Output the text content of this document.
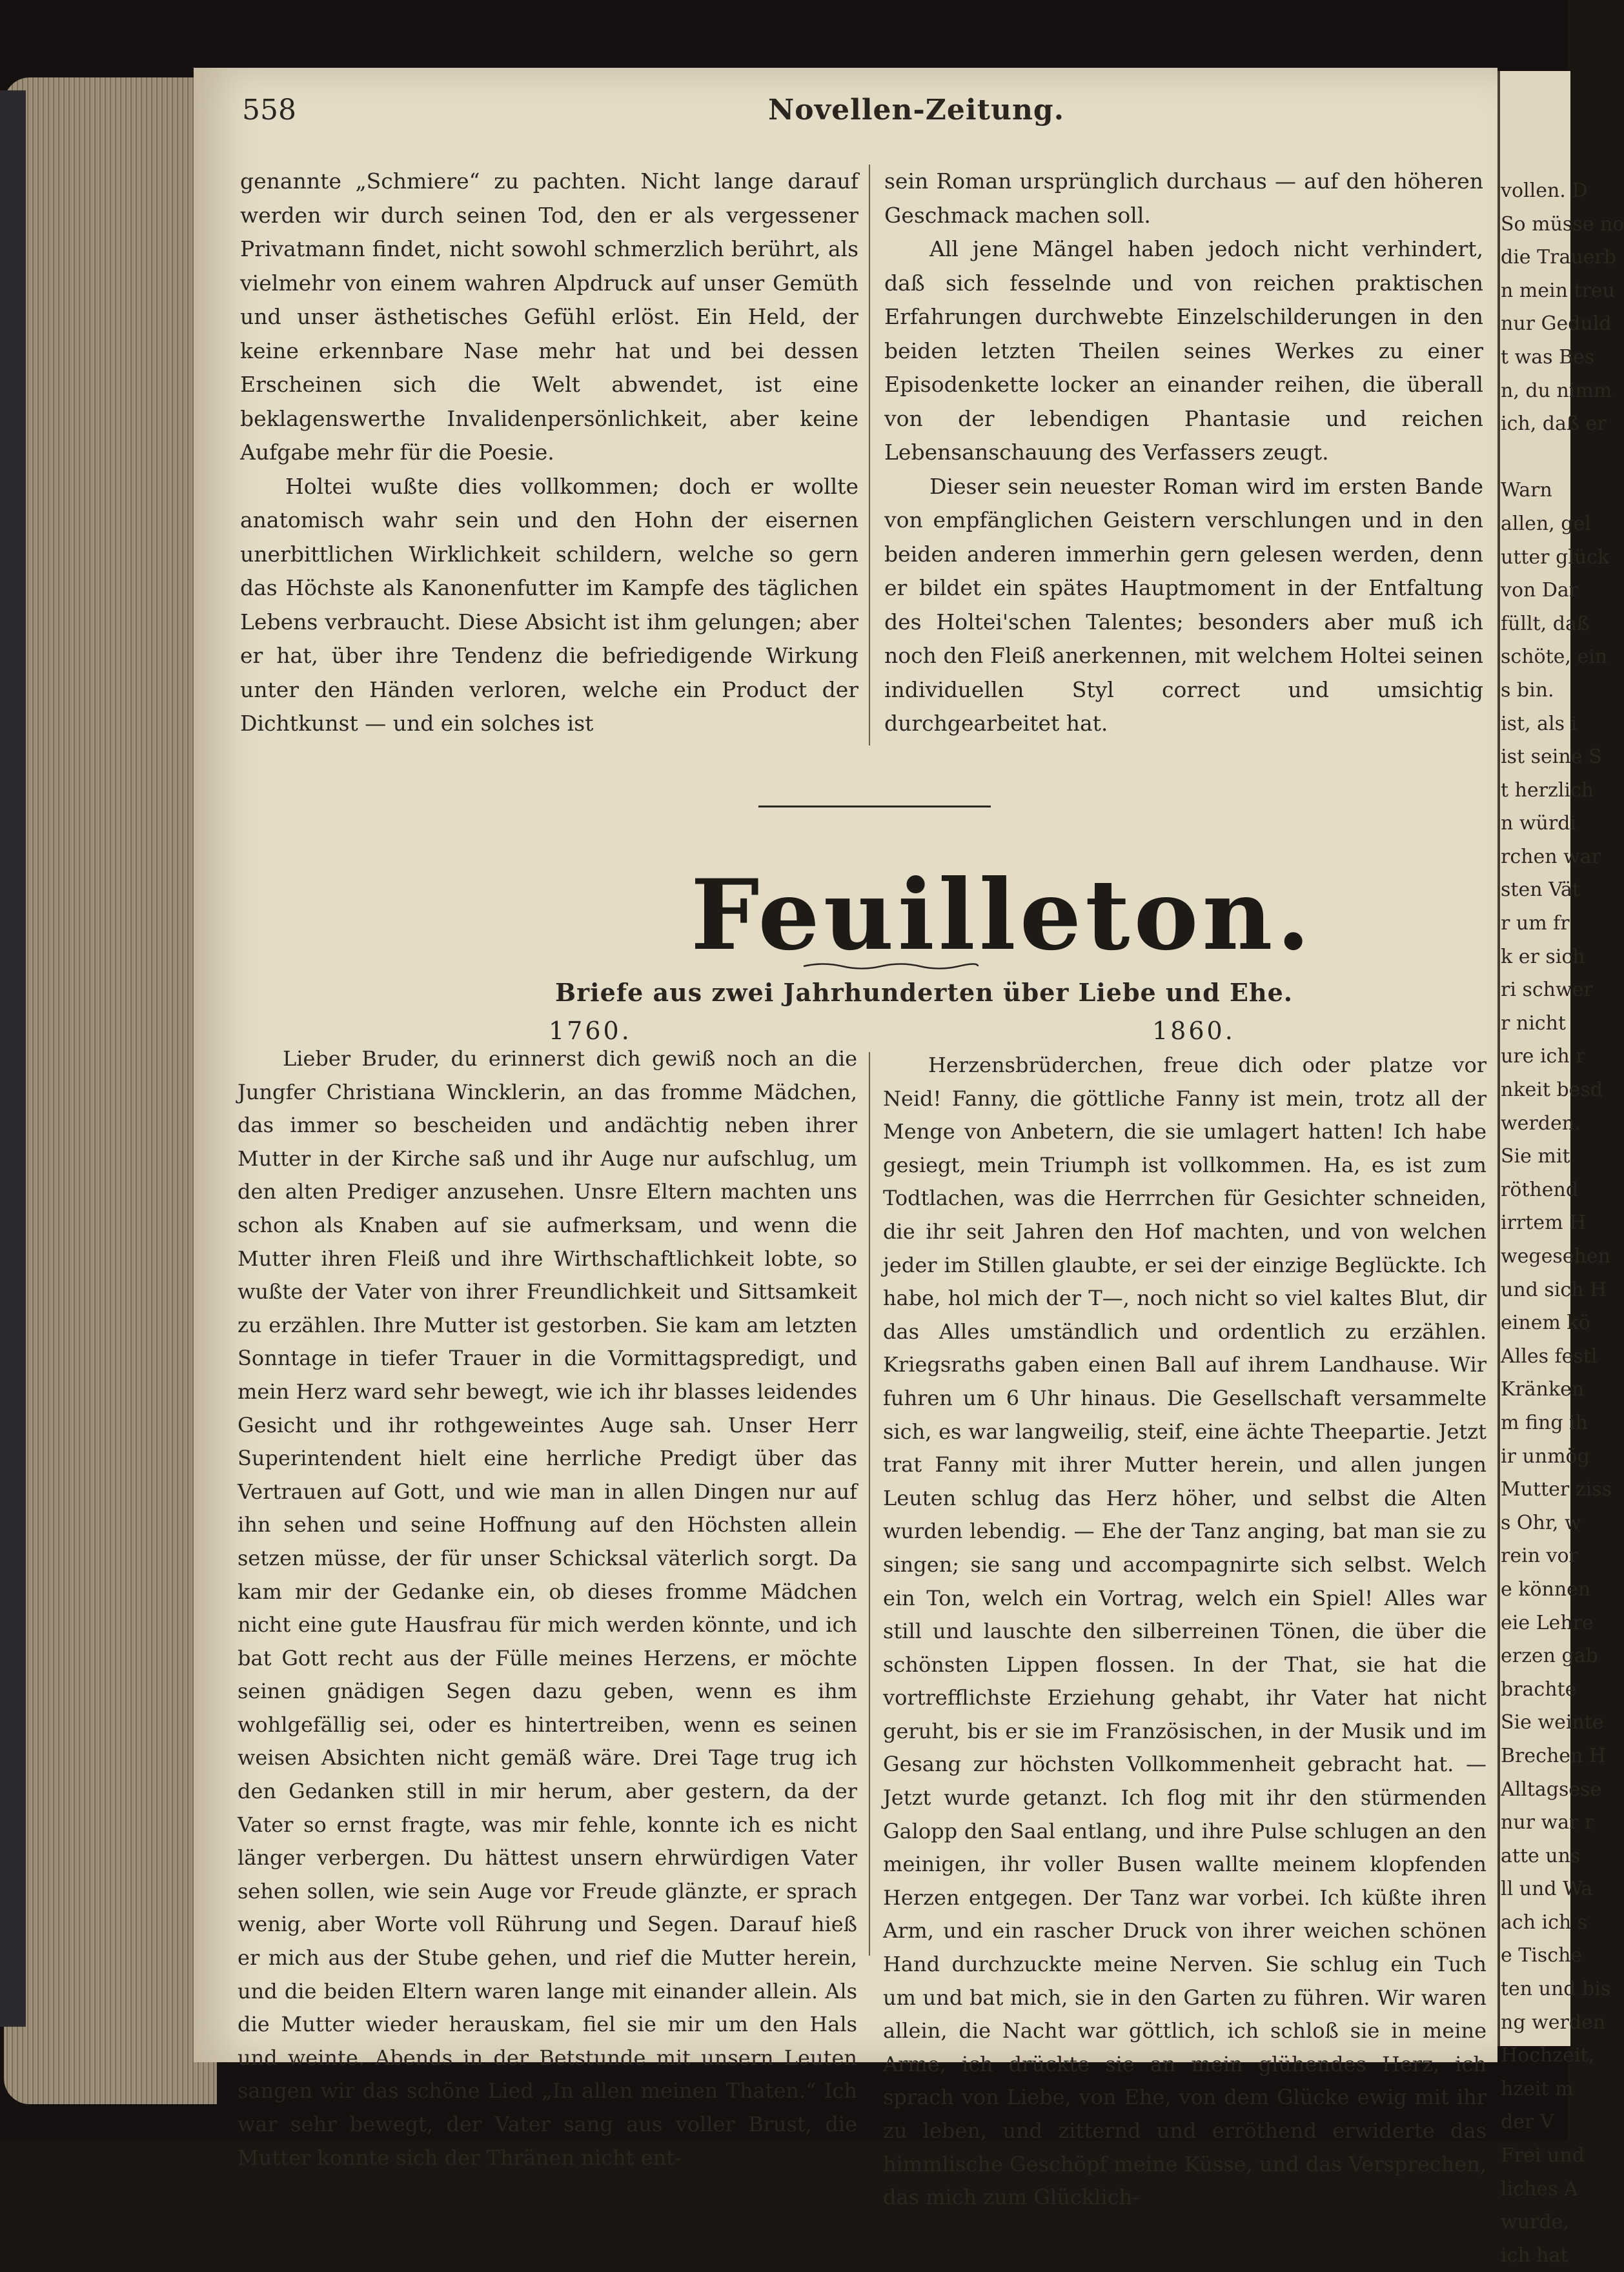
vollen. D
So müsse no
die Trauerb
n mein treu
nur Geduld
t was Bes
n, du nimm
ich, daß er

Warn
allen, gel
utter glück
von Dar
füllt, daß
schöte, ein
s bin.
ist, als i
ist seine S
t herzlich
n würdi
rchen war
sten Vät
r um fr
k er sich
ri schwer
r nicht
ure ich r
nkeit besd
werden.
Sie mit
röthend
irrtem H
wegesehen
und sich H
einem kö
Alles festl
Kränken
m fing ih
ir unmög
Mutter ziss
s Ohr, w
rein vor
e können
eie Lehre
erzen gab
brachte
Sie weinte
Brechen H
Alltagsese
nur war r
atte uns
ll und Wa
ach ich s
e Tische
ten und bis
ng werden
Hochzeit,
hzeit m
der V
Frei und
liches A
wurde,
ich hat
558	Novellen-Zeitung.

genannte „Schmiere“ zu pachten. Nicht lange darauf werden wir durch seinen Tod, den er als vergessener Privatmann findet, nicht sowohl schmerzlich berührt, als vielmehr von einem wahren Alpdruck auf unser Gemüth und unser ästhetisches Gefühl erlöst. Ein Held, der keine erkennbare Nase mehr hat und bei dessen Erscheinen sich die Welt abwendet, ist eine beklagenswerthe Invalidenpersönlichkeit, aber keine Aufgabe mehr für die Poesie.

Holtei wußte dies vollkommen; doch er wollte anatomisch wahr sein und den Hohn der eisernen unerbittlichen Wirklichkeit schildern, welche so gern das Höchste als Kanonenfutter im Kampfe des täglichen Lebens verbraucht. Diese Absicht ist ihm gelungen; aber er hat, über ihre Tendenz die befriedigende Wirkung unter den Händen verloren, welche ein Product der Dichtkunst — und ein solches ist

sein Roman ursprünglich durchaus — auf den höheren Geschmack machen soll.

All jene Mängel haben jedoch nicht verhindert, daß sich fesselnde und von reichen praktischen Erfahrungen durchwebte Einzelschilderungen in den beiden letzten Theilen seines Werkes zu einer Episodenkette locker an einander reihen, die überall von der lebendigen Phantasie und reichen Lebensanschauung des Verfassers zeugt.

Dieser sein neuester Roman wird im ersten Bande von empfänglichen Geistern verschlungen und in den beiden anderen immerhin gern gelesen werden, denn er bildet ein spätes Hauptmoment in der Entfaltung des Holtei'schen Talentes; besonders aber muß ich noch den Fleiß anerkennen, mit welchem Holtei seinen individuellen Styl correct und umsichtig durchgearbeitet hat.

Feuilleton.
Briefe aus zwei Jahrhunderten über Liebe und Ehe.
1760.	1860.

Lieber Bruder, du erinnerst dich gewiß noch an die Jungfer Christiana Wincklerin, an das fromme Mädchen, das immer so bescheiden und andächtig neben ihrer Mutter in der Kirche saß und ihr Auge nur aufschlug, um den alten Prediger anzusehen. Unsre Eltern machten uns schon als Knaben auf sie aufmerksam, und wenn die Mutter ihren Fleiß und ihre Wirthschaftlichkeit lobte, so wußte der Vater von ihrer Freundlichkeit und Sittsamkeit zu erzählen. Ihre Mutter ist gestorben. Sie kam am letzten Sonntage in tiefer Trauer in die Vormittagspredigt, und mein Herz ward sehr bewegt, wie ich ihr blasses leidendes Gesicht und ihr rothgeweintes Auge sah. Unser Herr Superintendent hielt eine herrliche Predigt über das Vertrauen auf Gott, und wie man in allen Dingen nur auf ihn sehen und seine Hoffnung auf den Höchsten allein setzen müsse, der für unser Schicksal väterlich sorgt. Da kam mir der Gedanke ein, ob dieses fromme Mädchen nicht eine gute Hausfrau für mich werden könnte, und ich bat Gott recht aus der Fülle meines Herzens, er möchte seinen gnädigen Segen dazu geben, wenn es ihm wohlgefällig sei, oder es hintertreiben, wenn es seinen weisen Absichten nicht gemäß wäre. Drei Tage trug ich den Gedanken still in mir herum, aber gestern, da der Vater so ernst fragte, was mir fehle, konnte ich es nicht länger verbergen. Du hättest unsern ehrwürdigen Vater sehen sollen, wie sein Auge vor Freude glänzte, er sprach wenig, aber Worte voll Rührung und Segen. Darauf hieß er mich aus der Stube gehen, und rief die Mutter herein, und die beiden Eltern waren lange mit einander allein. Als die Mutter wieder herauskam, fiel sie mir um den Hals und weinte. Abends in der Betstunde mit unsern Leuten sangen wir das schöne Lied „In allen meinen Thaten.“ Ich war sehr bewegt, der Vater sang aus voller Brust, die Mutter konnte sich der Thränen nicht ent-

Herzensbrüderchen, freue dich oder platze vor Neid! Fanny, die göttliche Fanny ist mein, trotz all der Menge von Anbetern, die sie umlagert hatten! Ich habe gesiegt, mein Triumph ist vollkommen. Ha, es ist zum Todtlachen, was die Herrrchen für Gesichter schneiden, die ihr seit Jahren den Hof machten, und von welchen jeder im Stillen glaubte, er sei der einzige Beglückte. Ich habe, hol mich der T—, noch nicht so viel kaltes Blut, dir das Alles umständlich und ordentlich zu erzählen. Kriegsraths gaben einen Ball auf ihrem Landhause. Wir fuhren um 6 Uhr hinaus. Die Gesellschaft versammelte sich, es war langweilig, steif, eine ächte Theepartie. Jetzt trat Fanny mit ihrer Mutter herein, und allen jungen Leuten schlug das Herz höher, und selbst die Alten wurden lebendig. — Ehe der Tanz anging, bat man sie zu singen; sie sang und accompagnirte sich selbst. Welch ein Ton, welch ein Vortrag, welch ein Spiel! Alles war still und lauschte den silberreinen Tönen, die über die schönsten Lippen flossen. In der That, sie hat die vortrefflichste Erziehung gehabt, ihr Vater hat nicht geruht, bis er sie im Französischen, in der Musik und im Gesang zur höchsten Vollkommenheit gebracht hat. — Jetzt wurde getanzt. Ich flog mit ihr den stürmenden Galopp den Saal entlang, und ihre Pulse schlugen an den meinigen, ihr voller Busen wallte meinem klopfenden Herzen entgegen. Der Tanz war vorbei. Ich küßte ihren Arm, und ein rascher Druck von ihrer weichen schönen Hand durchzuckte meine Nerven. Sie schlug ein Tuch um und bat mich, sie in den Garten zu führen. Wir waren allein, die Nacht war göttlich, ich schloß sie in meine Arme, ich drückte sie an mein glühendes Herz, ich sprach von Liebe, von Ehe, von dem Glücke ewig mit ihr zu leben, und zitternd und erröthend erwiderte das himmlische Geschöpf meine Küsse, und das Versprechen, das mich zum Glücklich-
